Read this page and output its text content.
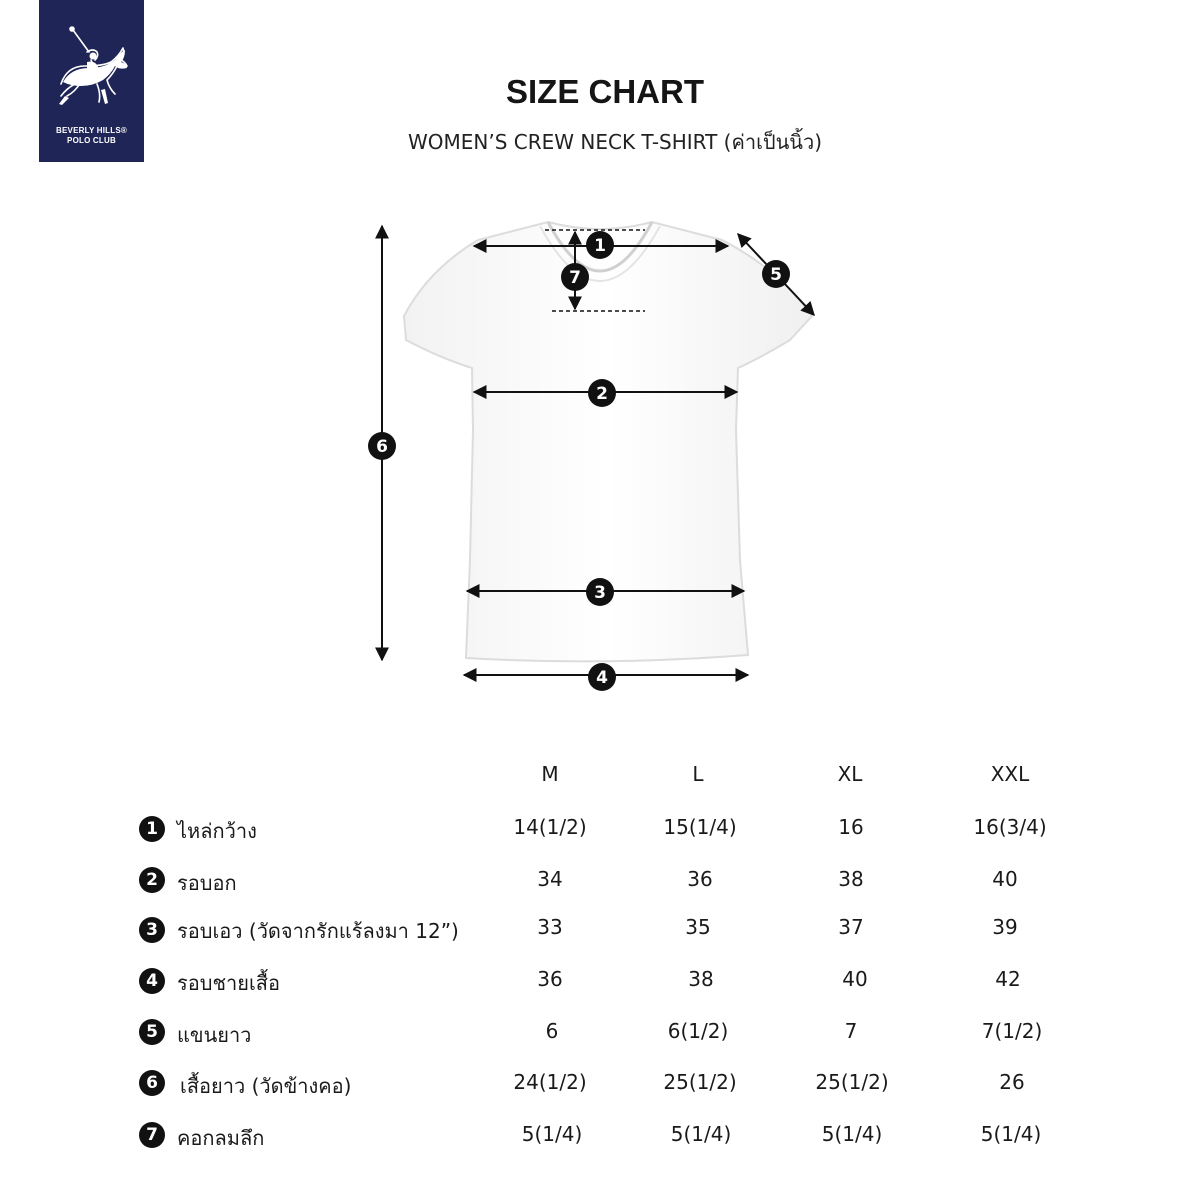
BEVERLY HILLS®
POLO CLUB
SIZE CHART
WOMEN’S CREW NECK T-SHIRT (ค่าเป็นนิ้ว)
1
7	5
2
6
3
4
M	L	XL	XXL
1 ไหล่กว้าง	14(1/2)	15(1/4)	16	16(3/4)
2 รอบอก	34	36	38	40
3 รอบเอว (วัดจากรักแร้ลงมา 12”)	33	35	37	39
4 รอบชายเสื้อ	36	38	40	42
5 แขนยาว	6	6(1/2)	7	7(1/2)
6	เสื้อยาว (วัดข้างคอ)	24(1/2)	25(1/2)	25(1/2)	26
7 คอกลมลึก	5(1/4)	5(1/4)	5(1/4)	5(1/4)
